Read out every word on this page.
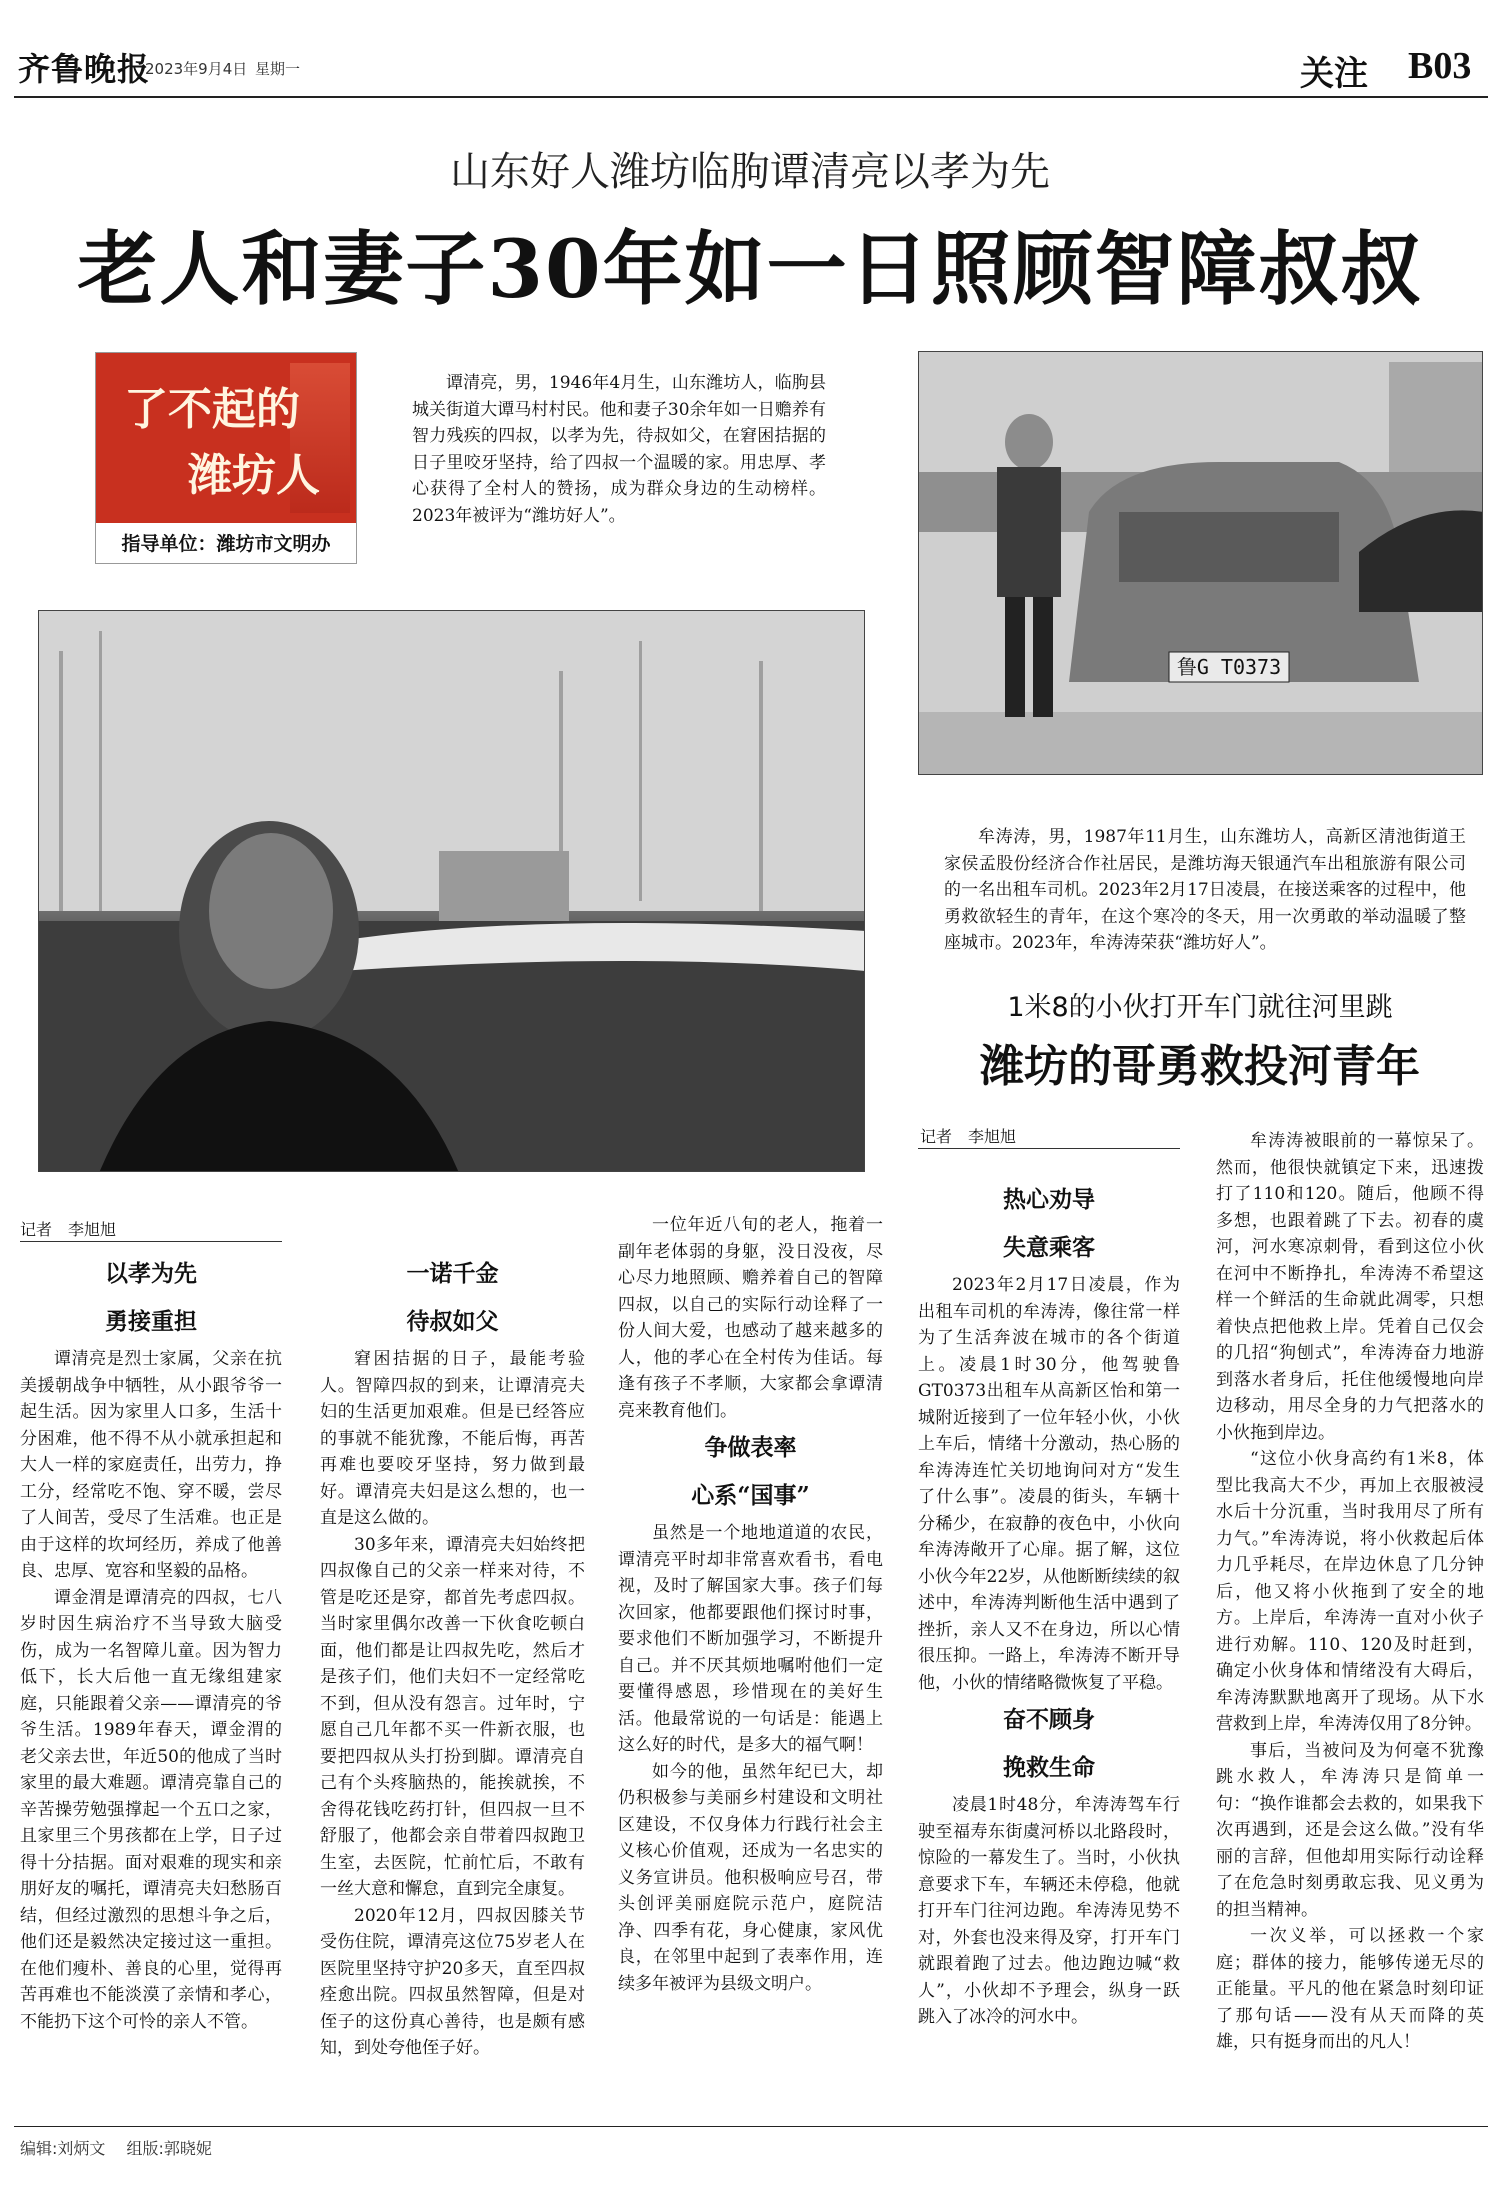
齐鲁晚报
2023年9月4日 星期一	关注 B03
山东好人潍坊临朐谭清亮以孝为先
老人和妻子30年如一日照顾智障叔叔
了不起的
潍坊人
指导单位：潍坊市文明办
谭清亮，男，1946年4月生，山东潍坊人，临朐县城关街道大谭马村村民。他和妻子30余年如一日赡养有智力残疾的四叔，以孝为先，待叔如父，在窘困拮据的日子里咬牙坚持，给了四叔一个温暖的家。用忠厚、孝心获得了全村人的赞扬，成为群众身边的生动榜样。2023年被评为“潍坊好人”。
鲁G T0373
牟涛涛，男，1987年11月生，山东潍坊人，高新区清池街道王家侯孟股份经济合作社居民，是潍坊海天银通汽车出租旅游有限公司的一名出租车司机。2023年2月17日凌晨，在接送乘客的过程中，他勇救欲轻生的青年，在这个寒冷的冬天，用一次勇敢的举动温暖了整座城市。2023年，牟涛涛荣获“潍坊好人”。
1米8的小伙打开车门就往河里跳
潍坊的哥勇救投河青年
记者　李旭旭
记者　李旭旭

以孝为先

勇接重担

谭清亮是烈士家属，父亲在抗美援朝战争中牺牲，从小跟爷爷一起生活。因为家里人口多，生活十分困难，他不得不从小就承担起和大人一样的家庭责任，出劳力，挣工分，经常吃不饱、穿不暖，尝尽了人间苦，受尽了生活难。也正是由于这样的坎坷经历，养成了他善良、忠厚、宽容和坚毅的品格。

谭金渭是谭清亮的四叔，七八岁时因生病治疗不当导致大脑受伤，成为一名智障儿童。因为智力低下，长大后他一直无缘组建家庭，只能跟着父亲——谭清亮的爷爷生活。1989年春天，谭金渭的老父亲去世，年近50的他成了当时家里的最大难题。谭清亮靠自己的辛苦操劳勉强撑起一个五口之家，且家里三个男孩都在上学，日子过得十分拮据。面对艰难的现实和亲朋好友的嘱托，谭清亮夫妇愁肠百结，但经过激烈的思想斗争之后，他们还是毅然决定接过这一重担。在他们瘦朴、善良的心里，觉得再苦再难也不能淡漠了亲情和孝心，不能扔下这个可怜的亲人不管。

一诺千金

待叔如父

窘困拮据的日子，最能考验人。智障四叔的到来，让谭清亮夫妇的生活更加艰难。但是已经答应的事就不能犹豫，不能后悔，再苦再难也要咬牙坚持，努力做到最好。谭清亮夫妇是这么想的，也一直是这么做的。

30多年来，谭清亮夫妇始终把四叔像自己的父亲一样来对待，不管是吃还是穿，都首先考虑四叔。当时家里偶尔改善一下伙食吃顿白面，他们都是让四叔先吃，然后才是孩子们，他们夫妇不一定经常吃不到，但从没有怨言。过年时，宁愿自己几年都不买一件新衣服，也要把四叔从头打扮到脚。谭清亮自己有个头疼脑热的，能挨就挨，不舍得花钱吃药打针，但四叔一旦不舒服了，他都会亲自带着四叔跑卫生室，去医院，忙前忙后，不敢有一丝大意和懈怠，直到完全康复。

2020年12月，四叔因膝关节受伤住院，谭清亮这位75岁老人在医院里坚持守护20多天，直至四叔痊愈出院。四叔虽然智障，但是对侄子的这份真心善待，也是颇有感知，到处夸他侄子好。

一位年近八旬的老人，拖着一副年老体弱的身躯，没日没夜，尽心尽力地照顾、赡养着自己的智障四叔，以自己的实际行动诠释了一份人间大爱，也感动了越来越多的人，他的孝心在全村传为佳话。每逢有孩子不孝顺，大家都会拿谭清亮来教育他们。

争做表率

心系“国事”

虽然是一个地地道道的农民，谭清亮平时却非常喜欢看书，看电视，及时了解国家大事。孩子们每次回家，他都要跟他们探讨时事，要求他们不断加强学习，不断提升自己。并不厌其烦地嘱咐他们一定要懂得感恩，珍惜现在的美好生活。他最常说的一句话是：能遇上这么好的时代，是多大的福气啊！

如今的他，虽然年纪已大，却仍积极参与美丽乡村建设和文明社区建设，不仅身体力行践行社会主义核心价值观，还成为一名忠实的义务宣讲员。他积极响应号召，带头创评美丽庭院示范户，庭院洁净、四季有花，身心健康，家风优良，在邻里中起到了表率作用，连续多年被评为县级文明户。

热心劝导

失意乘客

2023年2月17日凌晨，作为出租车司机的牟涛涛，像往常一样为了生活奔波在城市的各个街道上。凌晨1时30分，他驾驶鲁GT0373出租车从高新区怡和第一城附近接到了一位年轻小伙，小伙上车后，情绪十分激动，热心肠的牟涛涛连忙关切地询问对方“发生了什么事”。凌晨的街头，车辆十分稀少，在寂静的夜色中，小伙向牟涛涛敞开了心扉。据了解，这位小伙今年22岁，从他断断续续的叙述中，牟涛涛判断他生活中遇到了挫折，亲人又不在身边，所以心情很压抑。一路上，牟涛涛不断开导他，小伙的情绪略微恢复了平稳。

奋不顾身

挽救生命

凌晨1时48分，牟涛涛驾车行驶至福寿东街虞河桥以北路段时，惊险的一幕发生了。当时，小伙执意要求下车，车辆还未停稳，他就打开车门往河边跑。牟涛涛见势不对，外套也没来得及穿，打开车门就跟着跑了过去。他边跑边喊“救人”，小伙却不予理会，纵身一跃跳入了冰冷的河水中。

牟涛涛被眼前的一幕惊呆了。然而，他很快就镇定下来，迅速拨打了110和120。随后，他顾不得多想，也跟着跳了下去。初春的虞河，河水寒凉刺骨，看到这位小伙在河中不断挣扎，牟涛涛不希望这样一个鲜活的生命就此凋零，只想着快点把他救上岸。凭着自己仅会的几招“狗刨式”，牟涛涛奋力地游到落水者身后，托住他缓慢地向岸边移动，用尽全身的力气把落水的小伙拖到岸边。

“这位小伙身高约有1米8，体型比我高大不少，再加上衣服被浸水后十分沉重，当时我用尽了所有力气。”牟涛涛说，将小伙救起后体力几乎耗尽，在岸边休息了几分钟后，他又将小伙拖到了安全的地方。上岸后，牟涛涛一直对小伙子进行劝解。110、120及时赶到，确定小伙身体和情绪没有大碍后，牟涛涛默默地离开了现场。从下水营救到上岸，牟涛涛仅用了8分钟。

事后，当被问及为何毫不犹豫跳水救人，牟涛涛只是简单一句：“换作谁都会去救的，如果我下次再遇到，还是会这么做。”没有华丽的言辞，但他却用实际行动诠释了在危急时刻勇敢忘我、见义勇为的担当精神。

一次义举，可以拯救一个家庭；群体的接力，能够传递无尽的正能量。平凡的他在紧急时刻印证了那句话——没有从天而降的英雄，只有挺身而出的凡人！

编辑:刘炳文　 组版:郭晓妮
